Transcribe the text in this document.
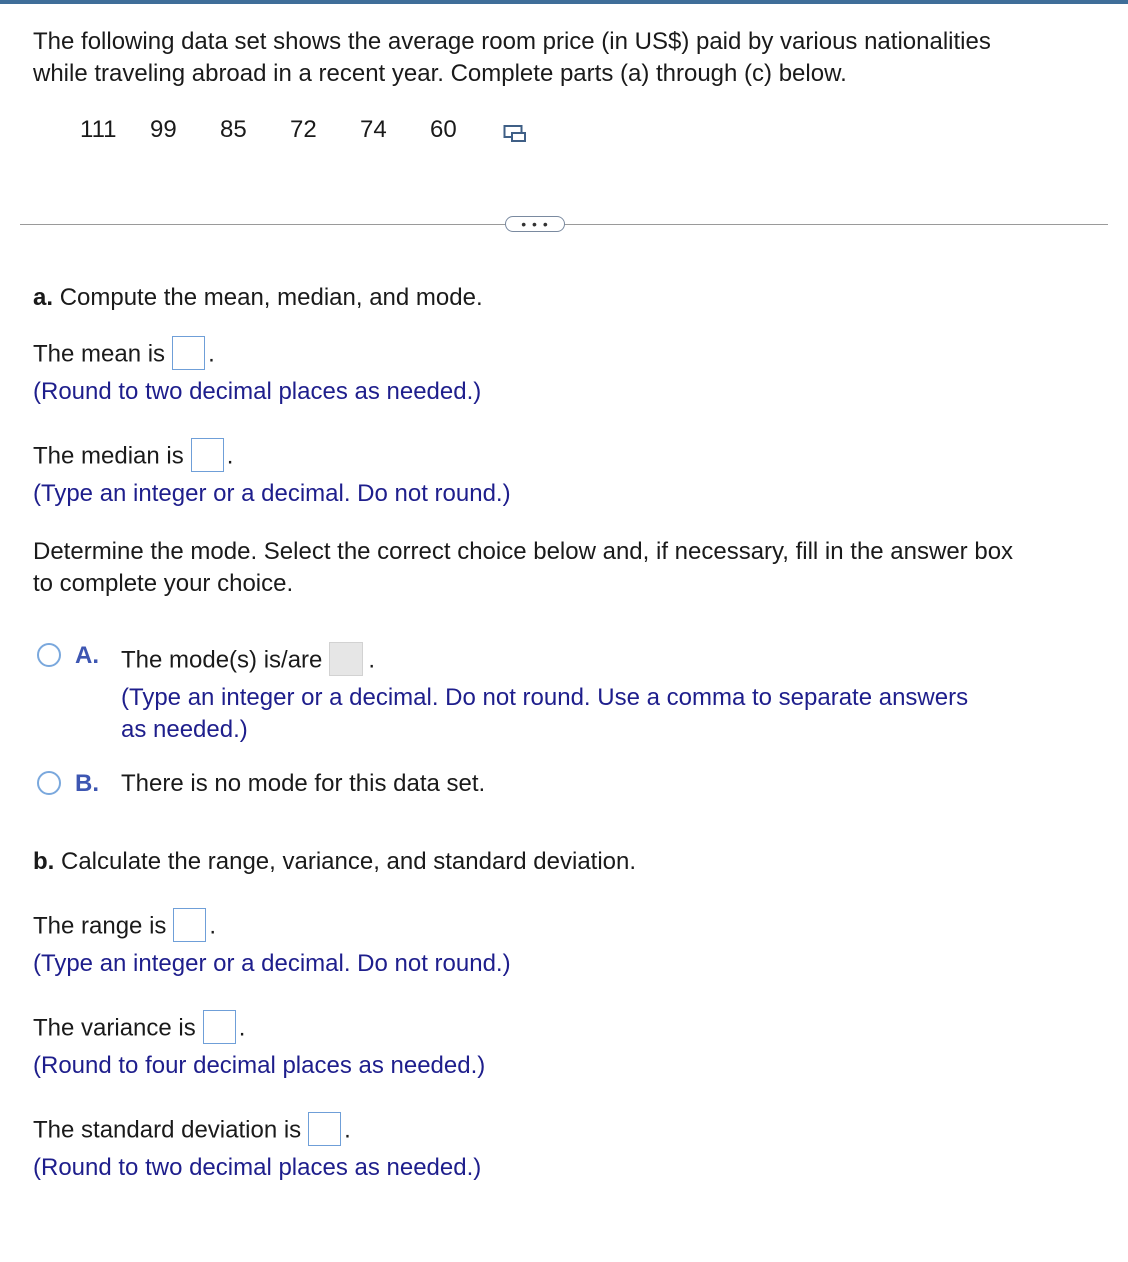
The following data set shows the average room price (in US$) paid by various nationalities
while traveling abroad in a recent year. Complete parts (a) through (c) below.
111	99	85	72	74	60
• • •
a. Compute the mean, median, and mode.
The mean is .
(Round to two decimal places as needed.)
The median is .
(Type an integer or a decimal. Do not round.)
Determine the mode. Select the correct choice below and, if necessary, fill in the answer box
to complete your choice.
A. The mode(s) is/are .
(Type an integer or a decimal. Do not round. Use a comma to separate answers
as needed.)
B. There is no mode for this data set.
b. Calculate the range, variance, and standard deviation.
The range is .
(Type an integer or a decimal. Do not round.)
The variance is .
(Round to four decimal places as needed.)
The standard deviation is .
(Round to two decimal places as needed.)
